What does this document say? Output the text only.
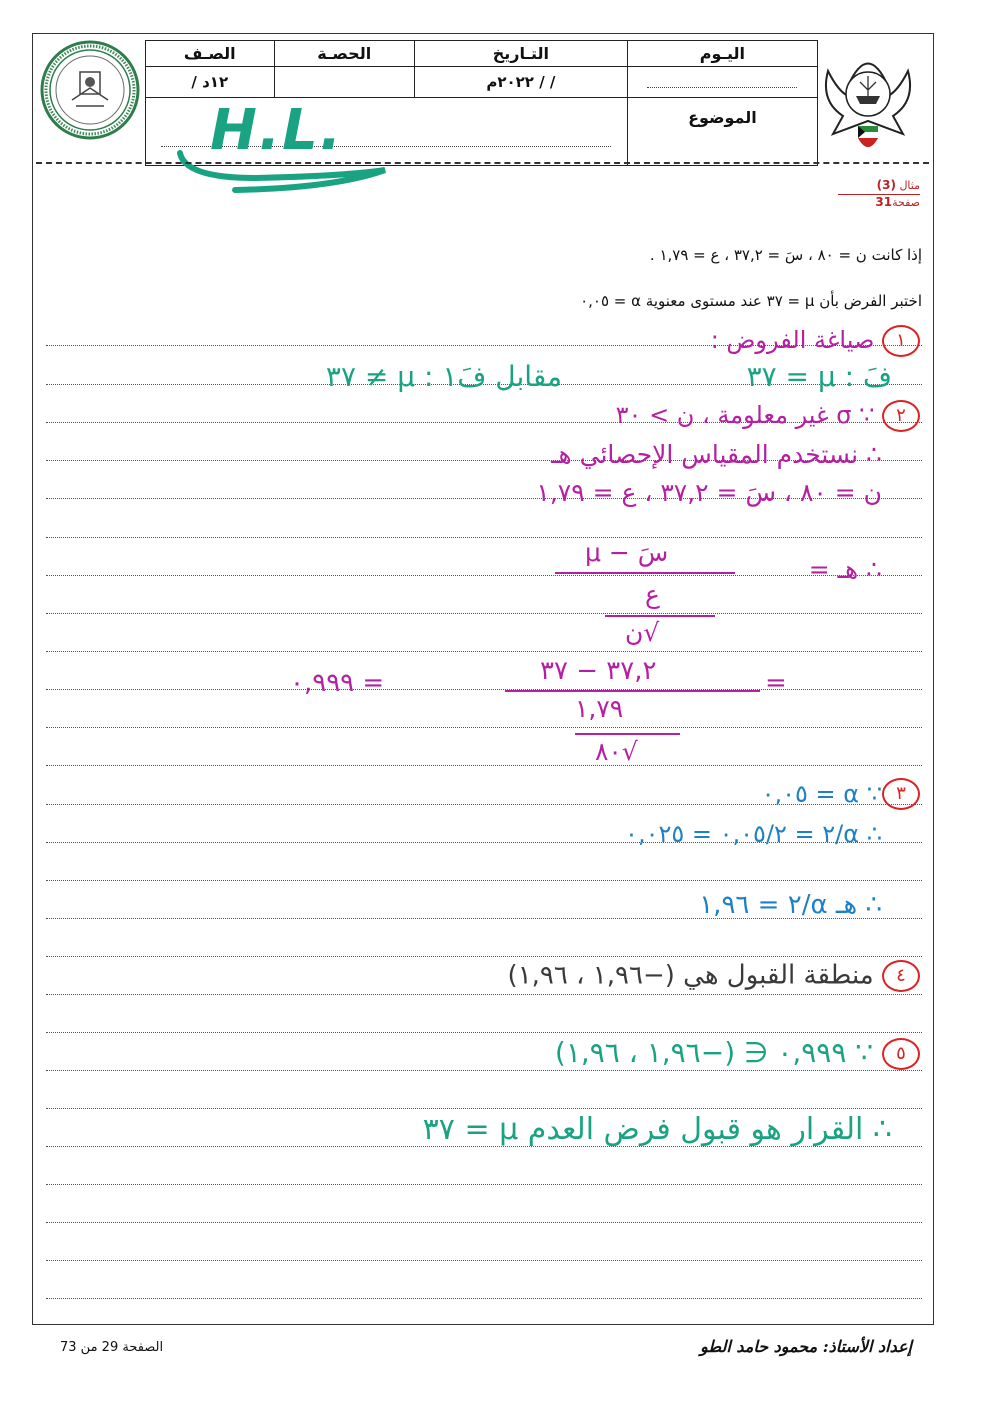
اليـوم	التـاريخ	الحصـة	الصـف
	/ / ٢٠٢٢م		١٢د /
الموضوع			
H.L.
مثال (3)
صفحة31
إذا كانت ن = ٨٠ ، سَ = ٣٧,٢ ، ع = ١,٧٩ .
اختبر الفرض بأن μ = ٣٧ عند مستوى معنوية α = ٠,٠٥
١ صياغة الفروض :
فَ : μ = ٣٧
مقابل فَ١ : μ ≠ ٣٧
٢ ∵ σ غير معلومة ، ن > ٣٠
∴ نستخدم المقياس الإحصائي هـ
ن = ٨٠ ، سَ = ٣٧,٢ ، ع = ١,٧٩
∴ هـ =
سَ − μ
ع
√ن
= ٠,٩٩٩	٣٧,٢ − ٣٧	=
١,٧٩
√٨٠
٣
∵ α = ٠,٠٥
∴ α/٢ = ٠,٠٥/٢ = ٠,٠٢٥
∴ هـ α/٢ = ١,٩٦
٤ منطقة القبول هي (−١,٩٦ ، ١,٩٦)
٥ ∵ ٠,٩٩٩ ∈ (−١,٩٦ ، ١,٩٦)
∴ القرار هو قبول فرض العدم μ = ٣٧
الصفحة 29 من 73	إعداد الأستاذ: محمود حامد الطو
